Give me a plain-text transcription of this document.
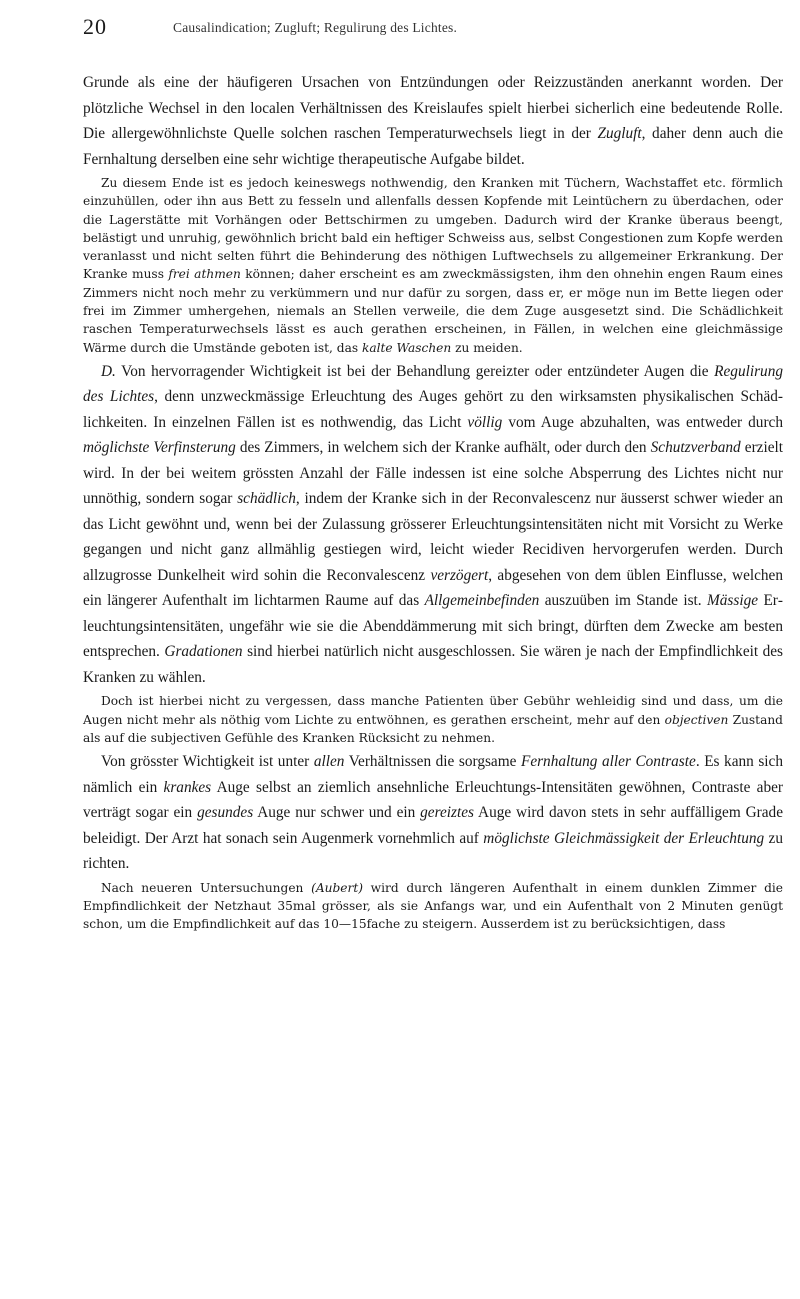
20	Causalindication; Zugluft; Regulirung des Lichtes.

Grunde als eine der häufigeren Ursachen von Entzündungen oder Reizzuständen anerkannt worden. Der plötzliche Wechsel in den localen Verhältnissen des Kreislaufes spielt hierbei sicherlich eine bedeutende Rolle. Die allergewöhnlichste Quelle solchen raschen Temperaturwechsels liegt in der Zugluft, daher denn auch die Fernhaltung derselben eine sehr wichtige therapeutische Aufgabe bildet.

Zu diesem Ende ist es jedoch keineswegs nothwendig, den Kranken mit Tüchern, Wachstaffet etc. förmlich einzuhüllen, oder ihn aus Bett zu fesseln und allenfalls dessen Kopfende mit Leintüchern zu überdachen, oder die Lagerstätte mit Vorhängen oder Bettschirmen zu umgeben. Dadurch wird der Kranke überaus beengt, belästigt und unruhig, gewöhnlich bricht bald ein heftiger Schweiss aus, selbst Congestionen zum Kopfe werden veranlasst und nicht selten führt die Behinderung des nöthigen Luftwechsels zu allgemeiner Erkrankung. Der Kranke muss frei athmen können; daher erscheint es am zweckmässigsten, ihm den ohnehin engen Raum eines Zimmers nicht noch mehr zu verkümmern und nur dafür zu sorgen, dass er, er möge nun im Bette liegen oder frei im Zimmer umhergehen, niemals an Stellen verweile, die dem Zuge ausgesetzt sind. Die Schädlichkeit raschen Temperaturwechsels lässt es auch gerathen erscheinen, in Fällen, in welchen eine gleichmässige Wärme durch die Umstände geboten ist, das kalte Waschen zu meiden.

D. Von hervorragender Wichtigkeit ist bei der Behandlung gereizter oder entzündeter Augen die Regulirung des Lichtes, denn unzweckmässige Erleuchtung des Auges gehört zu den wirksamsten physikalischen Schädlichkeiten. In einzelnen Fällen ist es nothwendig, das Licht völlig vom Auge abzuhalten, was entweder durch möglichste Verfinsterung des Zimmers, in welchem sich der Kranke aufhält, oder durch den Schutzverband erzielt wird. In der bei weitem grössten Anzahl der Fälle indessen ist eine solche Absperrung des Lichtes nicht nur unnöthig, sondern sogar schädlich, indem der Kranke sich in der Reconvalescenz nur äusserst schwer wieder an das Licht gewöhnt und, wenn bei der Zulassung grösserer Erleuchtungsintensitäten nicht mit Vorsicht zu Werke gegangen und nicht ganz allmählig gestiegen wird, leicht wieder Recidiven hervorgerufen werden. Durch allzugrosse Dunkelheit wird sohin die Reconvalescenz verzögert, abgesehen von dem üblen Einflusse, welchen ein längerer Aufenthalt im lichtarmen Raume auf das Allgemeinbefinden auszuüben im Stande ist. Mässige Erleuchtungsintensitäten, ungefähr wie sie die Abenddämmerung mit sich bringt, dürften dem Zwecke am besten entsprechen. Gradationen sind hierbei natürlich nicht ausgeschlossen. Sie wären je nach der Empfindlichkeit des Kranken zu wählen.

Doch ist hierbei nicht zu vergessen, dass manche Patienten über Gebühr wehleidig sind und dass, um die Augen nicht mehr als nöthig vom Lichte zu entwöhnen, es gerathen erscheint, mehr auf den objectiven Zustand als auf die subjectiven Gefühle des Kranken Rücksicht zu nehmen.

Von grösster Wichtigkeit ist unter allen Verhältnissen die sorgsame Fernhaltung aller Contraste. Es kann sich nämlich ein krankes Auge selbst an ziemlich ansehnliche Erleuchtungs-Intensitäten gewöhnen, Contraste aber verträgt sogar ein gesundes Auge nur schwer und ein gereiztes Auge wird davon stets in sehr auffälligem Grade beleidigt. Der Arzt hat sonach sein Augenmerk vornehmlich auf möglichste Gleichmässigkeit der Erleuchtung zu richten.

Nach neueren Untersuchungen (Aubert) wird durch längeren Aufenthalt in einem dunklen Zimmer die Empfindlichkeit der Netzhaut 35mal grösser, als sie Anfangs war, und ein Aufenthalt von 2 Minuten genügt schon, um die Empfindlichkeit auf das 10—15fache zu steigern. Ausserdem ist zu berücksichtigen, dass
